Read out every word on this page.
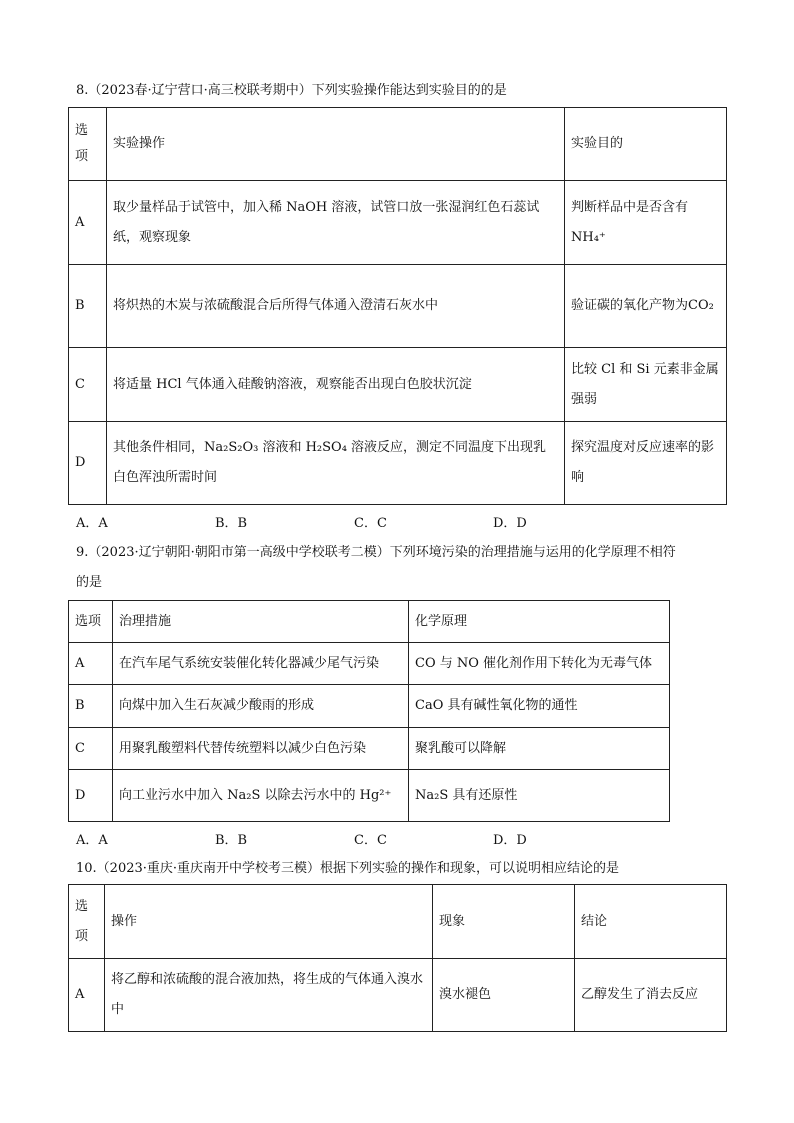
8.（2023春·辽宁营口·高三校联考期中）下列实验操作能达到实验目的的是
选项	实验操作	实验目的
A	取少量样品于试管中，加入稀 NaOH 溶液，试管口放一张湿润红色石蕊试纸，观察现象	判断样品中是否含有NH₄⁺
B	将炽热的木炭与浓硫酸混合后所得气体通入澄清石灰水中	验证碳的氧化产物为CO₂
C	将适量 HCl 气体通入硅酸钠溶液，观察能否出现白色胶状沉淀	比较 Cl 和 Si 元素非金属强弱
D	其他条件相同，Na₂S₂O₃ 溶液和 H₂SO₄ 溶液反应，测定不同温度下出现乳白色浑浊所需时间	探究温度对反应速率的影响
A．A	B．B	C．C	D．D
9.（2023·辽宁朝阳·朝阳市第一高级中学校联考二模）下列环境污染的治理措施与运用的化学原理不相符
的是
选项	治理措施	化学原理
A	在汽车尾气系统安装催化转化器减少尾气污染	CO 与 NO 催化剂作用下转化为无毒气体
B	向煤中加入生石灰减少酸雨的形成	CaO 具有碱性氧化物的通性
C	用聚乳酸塑料代替传统塑料以减少白色污染	聚乳酸可以降解
D	向工业污水中加入 Na₂S 以除去污水中的 Hg²⁺	Na₂S 具有还原性
A．A	B．B	C．C	D．D
10.（2023·重庆·重庆南开中学校考三模）根据下列实验的操作和现象，可以说明相应结论的是
选项	操作	现象	结论
A	将乙醇和浓硫酸的混合液加热，将生成的气体通入溴水中	溴水褪色	乙醇发生了消去反应
